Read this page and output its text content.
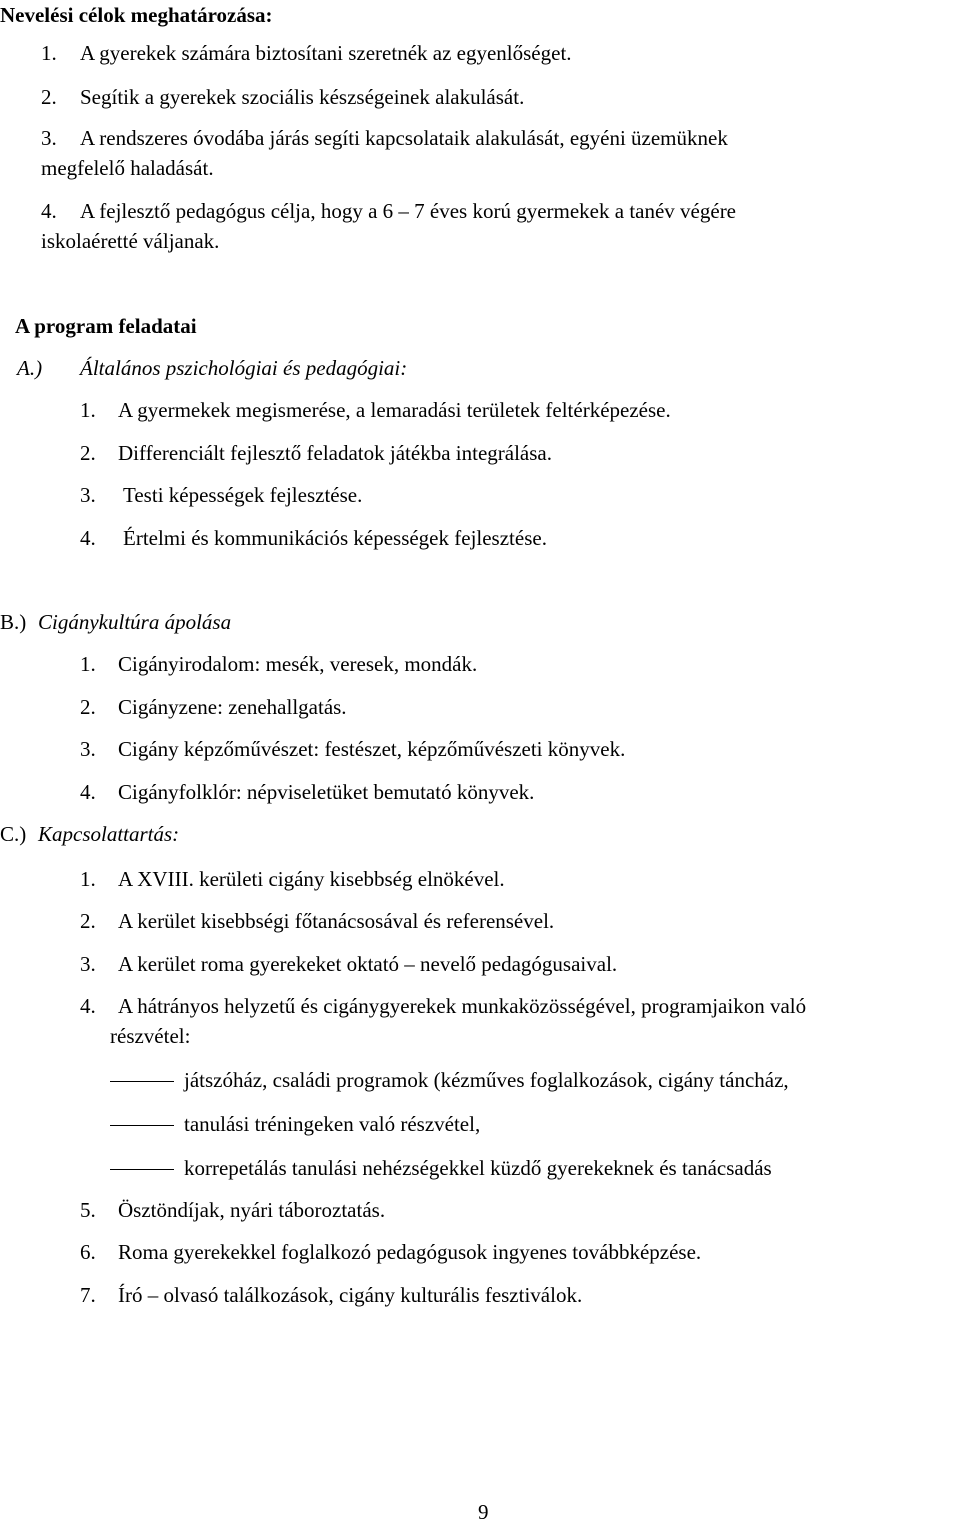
Nevelési célok meghatározása:
1. A gyerekek számára biztosítani szeretnék az egyenlőséget.
2. Segítik a gyerekek szociális készségeinek alakulását.
3. A rendszeres óvodába járás segíti kapcsolataik alakulását, egyéni üzemüknek
megfelelő haladását.
4. A fejlesztő pedagógus célja, hogy a 6 – 7 éves korú gyermekek a tanév végére
iskolaéretté váljanak.
A program feladatai
A.) Általános pszichológiai és pedagógiai:
1. A gyermekek megismerése, a lemaradási területek feltérképezése.
2. Differenciált fejlesztő feladatok játékba integrálása.
3. Testi képességek fejlesztése.
4. Értelmi és kommunikációs képességek fejlesztése.
B.) Cigánykultúra ápolása
1. Cigányirodalom: mesék, veresek, mondák.
2. Cigányzene: zenehallgatás.
3. Cigány képzőművészet: festészet, képzőművészeti könyvek.
4. Cigányfolklór: népviseletüket bemutató könyvek.
C.) Kapcsolattartás:
1. A XVIII. kerületi cigány kisebbség elnökével.
2. A kerület kisebbségi főtanácsosával és referensével.
3. A kerület roma gyerekeket oktató – nevelő pedagógusaival.
4. A hátrányos helyzetű és cigánygyerekek munkaközösségével, programjaikon való
részvétel:
játszóház, családi programok (kézműves foglalkozások, cigány táncház,
tanulási tréningeken való részvétel,
korrepetálás tanulási nehézségekkel küzdő gyerekeknek és tanácsadás
5. Ösztöndíjak, nyári táboroztatás.
6. Roma gyerekekkel foglalkozó pedagógusok ingyenes továbbképzése.
7. Író – olvasó találkozások, cigány kulturális fesztiválok.
9
